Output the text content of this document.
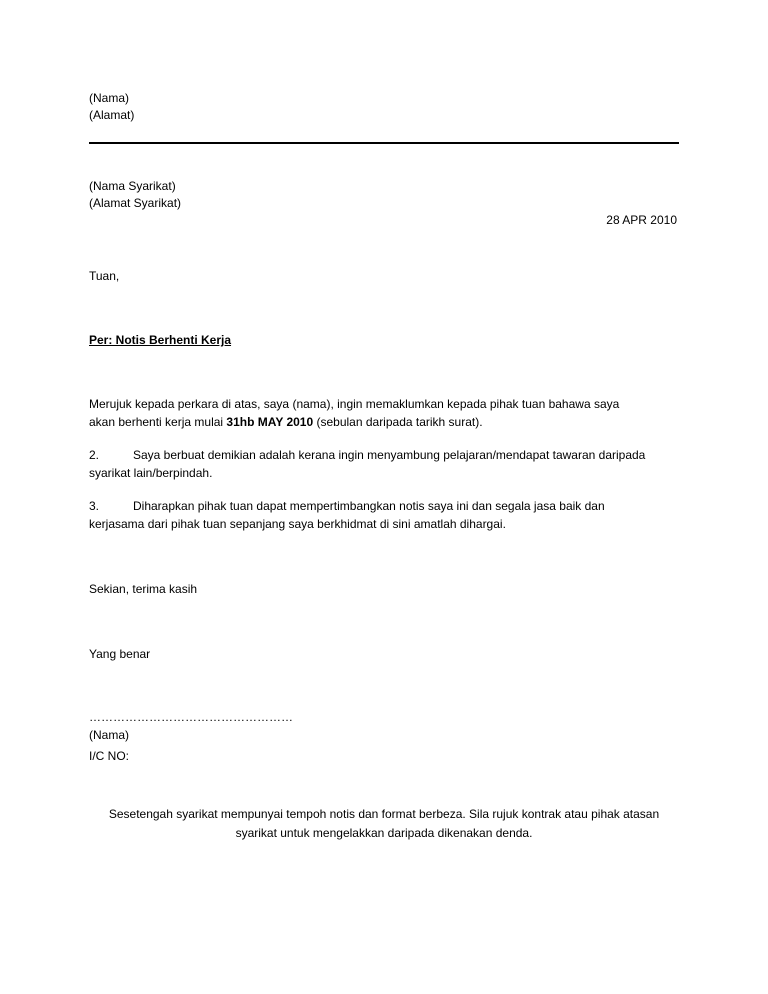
(Nama)
(Alamat)
(Nama Syarikat)
(Alamat Syarikat)
28 APR 2010
Tuan,
Per: Notis Berhenti Kerja
Merujuk kepada perkara di atas, saya (nama), ingin memaklumkan kepada pihak tuan bahawa saya
akan berhenti kerja mulai 31hb MAY 2010 (sebulan daripada tarikh surat).
2.	Saya berbuat demikian adalah kerana ingin menyambung pelajaran/mendapat tawaran daripada
syarikat lain/berpindah.
3.	Diharapkan pihak tuan dapat mempertimbangkan notis saya ini dan segala jasa baik dan
kerjasama dari pihak tuan sepanjang saya berkhidmat di sini amatlah dihargai.
Sekian, terima kasih
Yang benar
……………………………………………
(Nama)
I/C NO:
Sesetengah syarikat mempunyai tempoh notis dan format berbeza. Sila rujuk kontrak atau pihak atasan
syarikat untuk mengelakkan daripada dikenakan denda.
